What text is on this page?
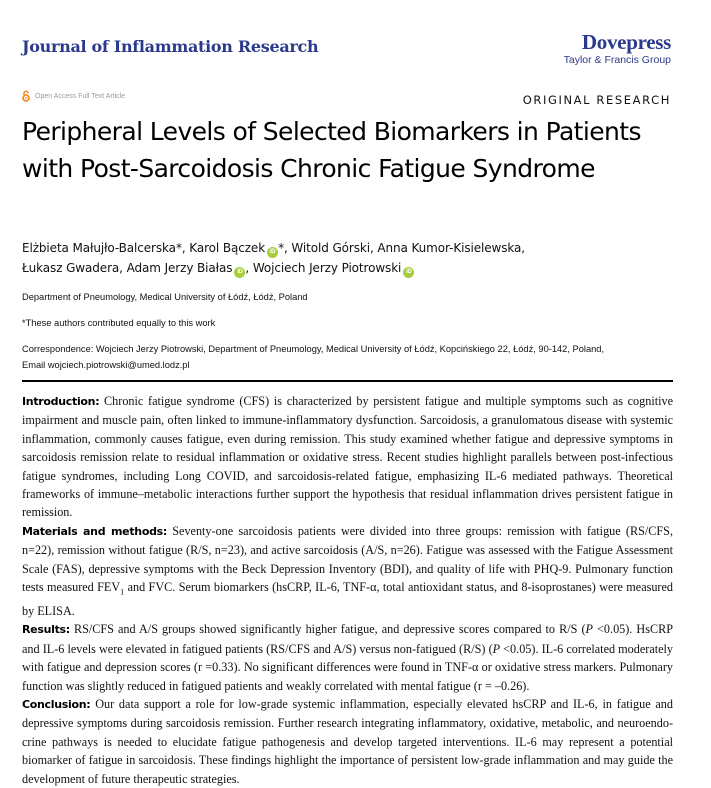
Journal of Inflammation Research	Dovepress
Taylor & Francis Group
Open Access Full Text Article	ORIGINAL RESEARCH
Peripheral Levels of Selected Biomarkers in Patients with Post-Sarcoidosis Chronic Fatigue Syndrome
Elżbieta Małujło-Balcerska*, Karol Bączek iD *, Witold Górski, Anna Kumor-Kisielewska,
Łukasz Gwadera, Adam Jerzy Białas iD , Wojciech Jerzy Piotrowski iD
Department of Pneumology, Medical University of Łódź, Łódź, Poland
*These authors contributed equally to this work
Correspondence: Wojciech Jerzy Piotrowski, Department of Pneumology, Medical University of Łódź, Kopcińskiego 22, Łódź, 90-142, Poland,
Email wojciech.piotrowski@umed.lodz.pl

Introduction: Chronic fatigue syndrome (CFS) is characterized by persistent fatigue and multiple symptoms such as cognitive impairment and muscle pain, often linked to immune-inflammatory dysfunction. Sarcoidosis, a granulomatous disease with systemic inflammation, commonly causes fatigue, even during remission. This study examined whether fatigue and depressive symptoms in sarcoidosis remission relate to residual inflammation or oxidative stress. Recent studies highlight parallels between post-infectious fatigue syndromes, including Long COVID, and sarcoidosis-related fatigue, emphasizing IL-6 mediated pathways. Theoretical frameworks of immune–metabolic interactions further support the hypothesis that residual inflammation drives persistent fatigue in remission.

Materials and methods: Seventy-one sarcoidosis patients were divided into three groups: remission with fatigue (RS/CFS, n=22), remission without fatigue (R/S, n=23), and active sarcoidosis (A/S, n=26). Fatigue was assessed with the Fatigue Assessment Scale (FAS), depressive symptoms with the Beck Depression Inventory (BDI), and quality of life with PHQ-9. Pulmonary function tests measured $FEV_1$ and FVC. Serum biomarkers (hsCRP, IL-6, TNF-α, total antioxidant status, and 8-isoprostanes) were measured by ELISA.

Results: RS/CFS and A/S groups showed significantly higher fatigue, and depressive scores compared to R/S (P <0.05). HsCRP and IL-6 levels were elevated in fatigued patients (RS/CFS and A/S) versus non-fatigued (R/S) (P <0.05). IL-6 correlated moderately with fatigue and depression scores (r =0.33). No significant differences were found in TNF-α or oxidative stress markers. Pulmonary function was slightly reduced in fatigued patients and weakly correlated with mental fatigue (r = –0.26).

Conclusion: Our data support a role for low-grade systemic inflammation, especially elevated hsCRP and IL-6, in fatigue and depressive symptoms during sarcoidosis remission. Further research integrating inflammatory, oxidative, metabolic, and neuroendocrine pathways is needed to elucidate fatigue pathogenesis and develop targeted interventions. IL-6 may represent a potential biomarker of fatigue in sarcoidosis. These findings highlight the importance of persistent low-grade inflammation and may guide the development of future therapeutic strategies.
